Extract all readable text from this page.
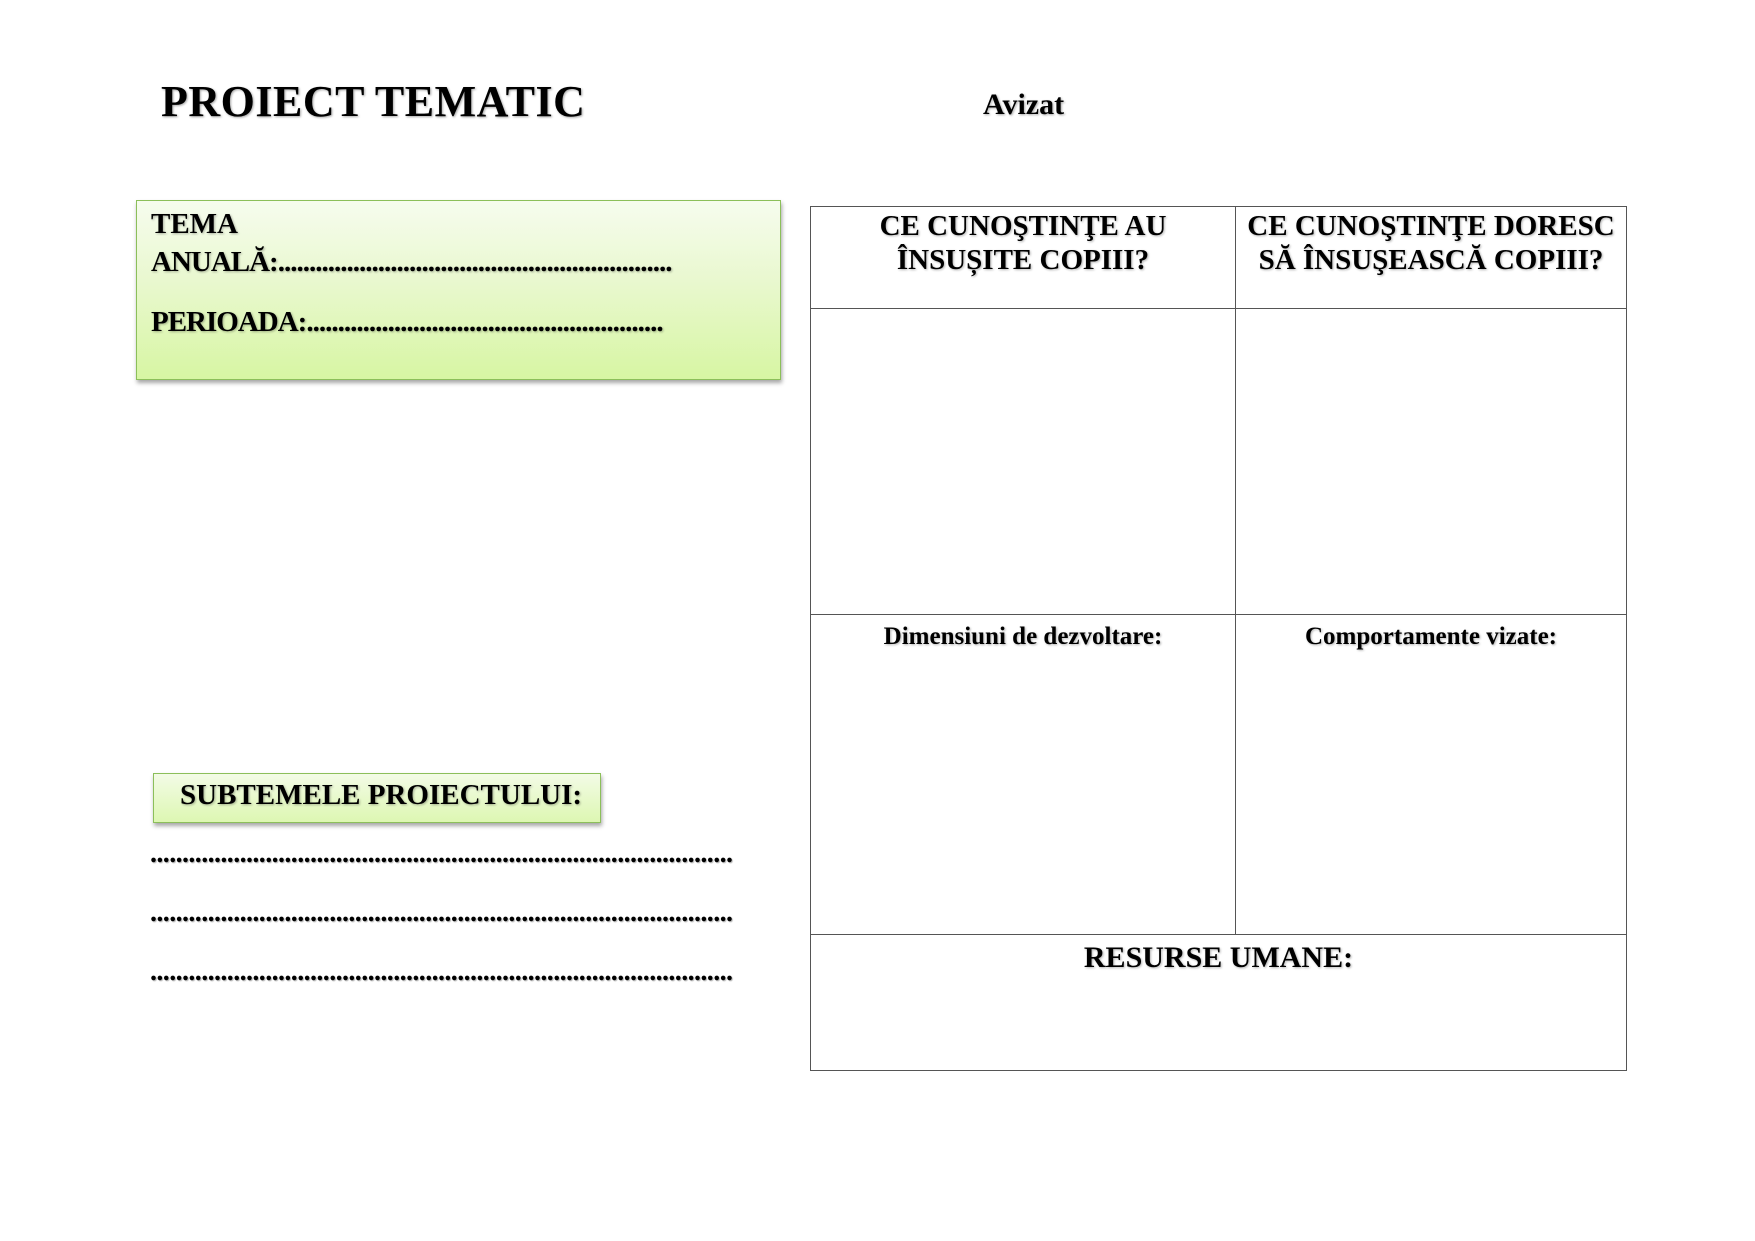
PROIECT TEMATIC	Avizat
TEMA
ANUALĂ:...............................................................
PERIOADA:.........................................................
SUBTEMELE PROIECTULUI:
...........................................................................................
...........................................................................................
...........................................................................................
CE CUNOŞTINŢE AU ÎNSUȘITE COPIII?	CE CUNOŞTINŢE DORESC SĂ ÎNSUŞEASCĂ COPIII?

Dimensiuni de dezvoltare:	Comportamente vizate:
RESURSE UMANE:	
